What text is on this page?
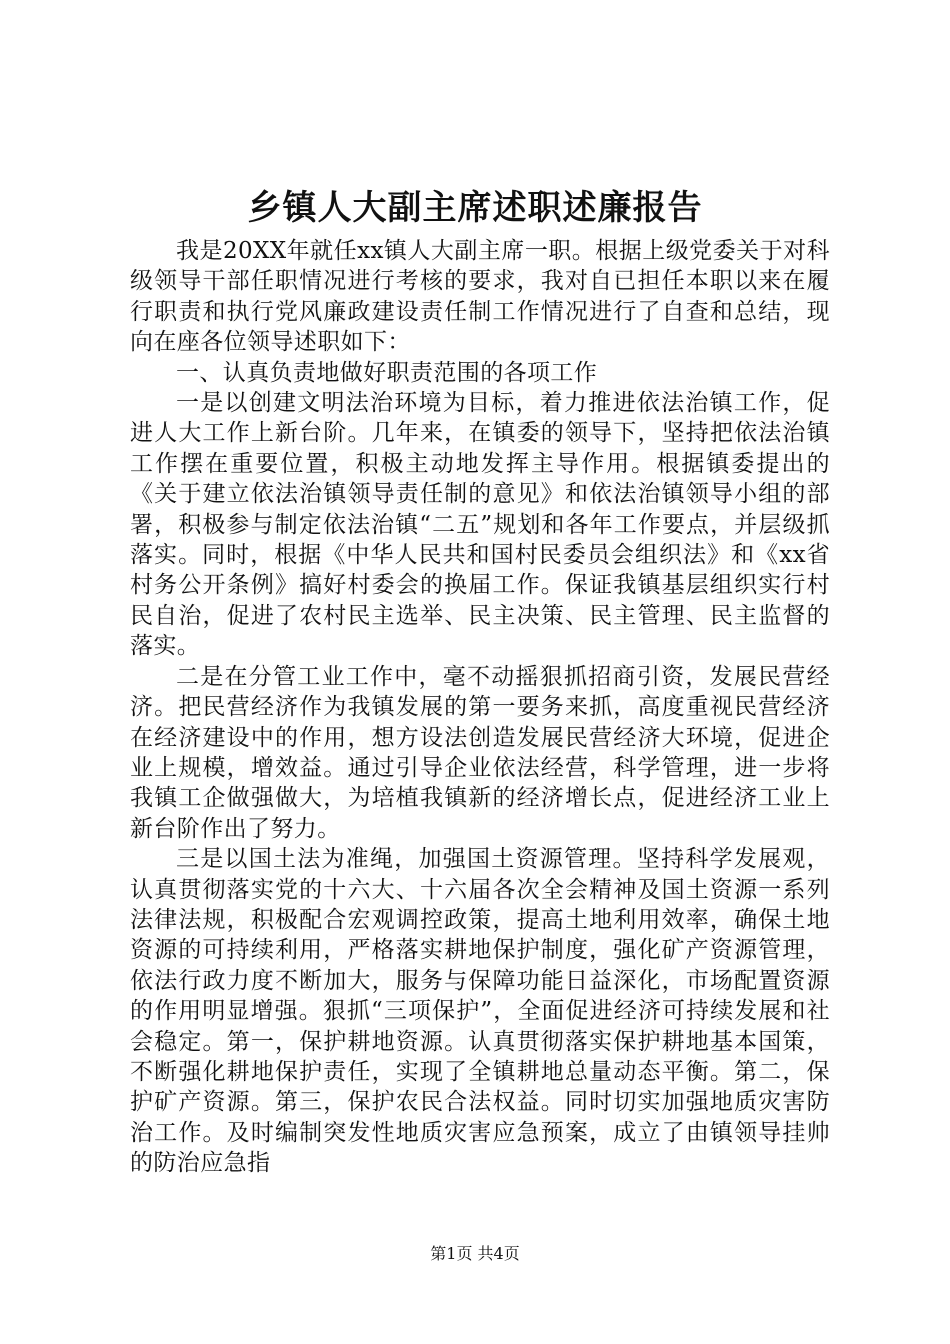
乡镇人大副主席述职述廉报告

我是20XX年就任xx镇人大副主席一职。根据上级党委关于对科级领导干部任职情况进行考核的要求，我对自已担任本职以来在履行职责和执行党风廉政建设责任制工作情况进行了自查和总结，现向在座各位领导述职如下：

一、认真负责地做好职责范围的各项工作

一是以创建文明法治环境为目标，着力推进依法治镇工作，促进人大工作上新台阶。几年来，在镇委的领导下，坚持把依法治镇工作摆在重要位置，积极主动地发挥主导作用。根据镇委提出的《关于建立依法治镇领导责任制的意见》和依法治镇领导小组的部署，积极参与制定依法治镇“二五”规划和各年工作要点，并层级抓落实。同时，根据《中华人民共和国村民委员会组织法》和《xx省村务公开条例》搞好村委会的换届工作。保证我镇基层组织实行村民自治，促进了农村民主选举、民主决策、民主管理、民主监督的落实。

二是在分管工业工作中，毫不动摇狠抓招商引资，发展民营经济。把民营经济作为我镇发展的第一要务来抓，高度重视民营经济在经济建设中的作用，想方设法创造发展民营经济大环境，促进企业上规模，增效益。通过引导企业依法经营，科学管理，进一步将我镇工企做强做大，为培植我镇新的经济增长点，促进经济工业上新台阶作出了努力。

三是以国土法为准绳，加强国土资源管理。坚持科学发展观，认真贯彻落实党的十六大、十六届各次全会精神及国土资源一系列法律法规，积极配合宏观调控政策，提高土地利用效率，确保土地资源的可持续利用，严格落实耕地保护制度，强化矿产资源管理，依法行政力度不断加大，服务与保障功能日益深化，市场配置资源的作用明显增强。狠抓“三项保护”，全面促进经济可持续发展和社会稳定。第一，保护耕地资源。认真贯彻落实保护耕地基本国策，不断强化耕地保护责任，实现了全镇耕地总量动态平衡。第二，保护矿产资源。第三，保护农民合法权益。同时切实加强地质灾害防治工作。及时编制突发性地质灾害应急预案，成立了由镇领导挂帅的防治应急指

第1页 共4页
